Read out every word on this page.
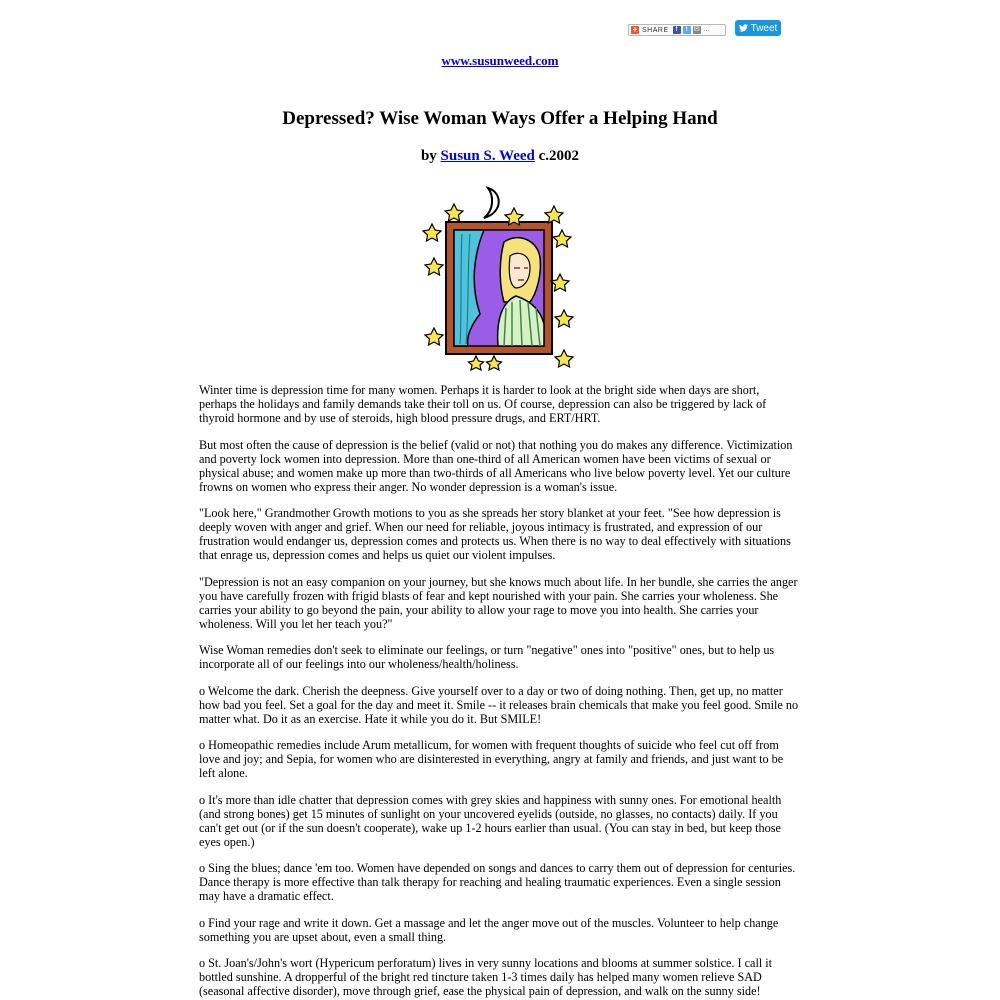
+ SHARE	f	t ✉ …	Tweet
www.susunweed.com
Depressed? Wise Woman Ways Offer a Helping Hand
by Susun S. Weed c.2002

Winter time is depression time for many women. Perhaps it is harder to look at the bright side when days are short, perhaps the holidays and family demands take their toll on us. Of course, depression can also be triggered by lack of thyroid hormone and by use of steroids, high blood pressure drugs, and ERT/HRT.

But most often the cause of depression is the belief (valid or not) that nothing you do makes any difference. Victimization and poverty lock women into depression. More than one-third of all American women have been victims of sexual or physical abuse; and women make up more than two-thirds of all Americans who live below poverty level. Yet our culture frowns on women who express their anger. No wonder depression is a woman's issue.

"Look here," Grandmother Growth motions to you as she spreads her story blanket at your feet. "See how depression is deeply woven with anger and grief. When our need for reliable, joyous intimacy is frustrated, and expression of our frustration would endanger us, depression comes and protects us. When there is no way to deal effectively with situations that enrage us, depression comes and helps us quiet our violent impulses.

"Depression is not an easy companion on your journey, but she knows much about life. In her bundle, she carries the anger you have carefully frozen with frigid blasts of fear and kept nourished with your pain. She carries your wholeness. She carries your ability to go beyond the pain, your ability to allow your rage to move you into health. She carries your wholeness. Will you let her teach you?"

Wise Woman remedies don't seek to eliminate our feelings, or turn "negative" ones into "positive" ones, but to help us incorporate all of our feelings into our wholeness/health/holiness.

o Welcome the dark. Cherish the deepness. Give yourself over to a day or two of doing nothing. Then, get up, no matter how bad you feel. Set a goal for the day and meet it. Smile -- it releases brain chemicals that make you feel good. Smile no matter what. Do it as an exercise. Hate it while you do it. But SMILE!

o Homeopathic remedies include Arum metallicum, for women with frequent thoughts of suicide who feel cut off from love and joy; and Sepia, for women who are disinterested in everything, angry at family and friends, and just want to be left alone.

o It's more than idle chatter that depression comes with grey skies and happiness with sunny ones. For emotional health (and strong bones) get 15 minutes of sunlight on your uncovered eyelids (outside, no glasses, no contacts) daily. If you can't get out (or if the sun doesn't cooperate), wake up 1-2 hours earlier than usual. (You can stay in bed, but keep those eyes open.)

o Sing the blues; dance 'em too. Women have depended on songs and dances to carry them out of depression for centuries. Dance therapy is more effective than talk therapy for reaching and healing traumatic experiences. Even a single session may have a dramatic effect.

o Find your rage and write it down. Get a massage and let the anger move out of the muscles. Volunteer to help change something you are upset about, even a small thing.

o St. Joan's/John's wort (Hypericum perforatum) lives in very sunny locations and blooms at summer solstice. I call it bottled sunshine. A dropperful of the bright red tincture taken 1-3 times daily has helped many women relieve SAD (seasonal affective disorder), move through grief, ease the physical pain of depression, and walk on the sunny side!
